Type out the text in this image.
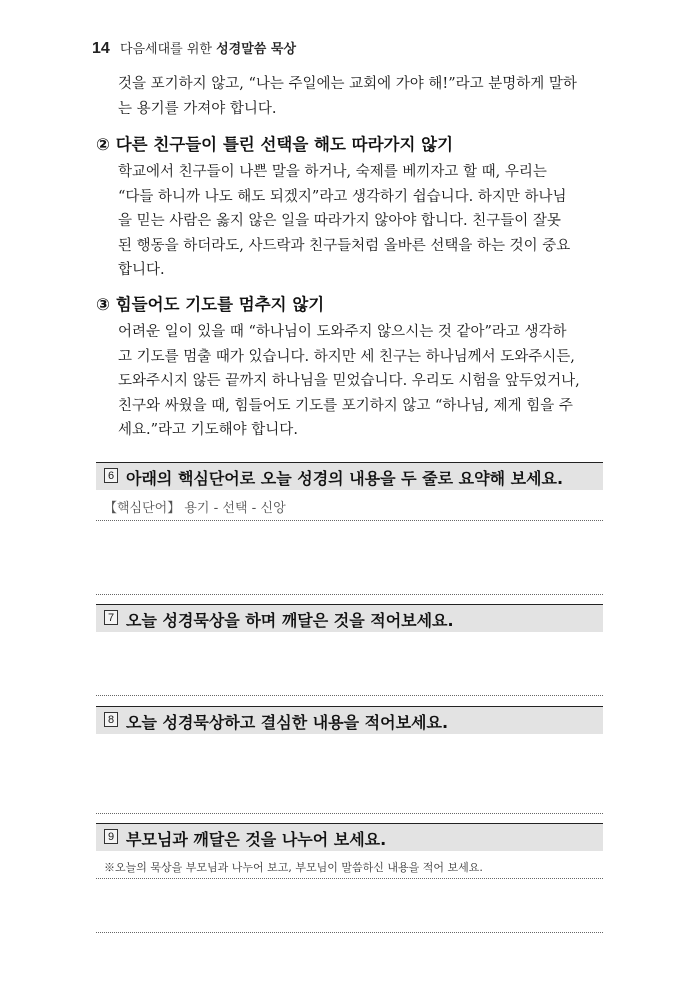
14 다음세대를 위한 성경말씀 묵상
것을 포기하지 않고, “나는 주일에는 교회에 가야 해!”라고 분명하게 말하
는 용기를 가져야 합니다.
② 다른 친구들이 틀린 선택을 해도 따라가지 않기
학교에서 친구들이 나쁜 말을 하거나, 숙제를 베끼자고 할 때, 우리는
“다들 하니까 나도 해도 되겠지”라고 생각하기 쉽습니다. 하지만 하나님
을 믿는 사람은 옳지 않은 일을 따라가지 않아야 합니다. 친구들이 잘못
된 행동을 하더라도, 사드락과 친구들처럼 올바른 선택을 하는 것이 중요
합니다.
③ 힘들어도 기도를 멈추지 않기
어려운 일이 있을 때 “하나님이 도와주지 않으시는 것 같아”라고 생각하
고 기도를 멈출 때가 있습니다. 하지만 세 친구는 하나님께서 도와주시든,
도와주시지 않든 끝까지 하나님을 믿었습니다. 우리도 시험을 앞두었거나,
친구와 싸웠을 때, 힘들어도 기도를 포기하지 않고 “하나님, 제게 힘을 주
세요.”라고 기도해야 합니다.
6 아래의 핵심단어로 오늘 성경의 내용을 두 줄로 요약해 보세요.
【핵심단어】 용기 - 선택 - 신앙
7 오늘 성경묵상을 하며 깨달은 것을 적어보세요.
8 오늘 성경묵상하고 결심한 내용을 적어보세요.
9 부모님과 깨달은 것을 나누어 보세요.
※오늘의 묵상을 부모님과 나누어 보고, 부모님이 말씀하신 내용을 적어 보세요.
